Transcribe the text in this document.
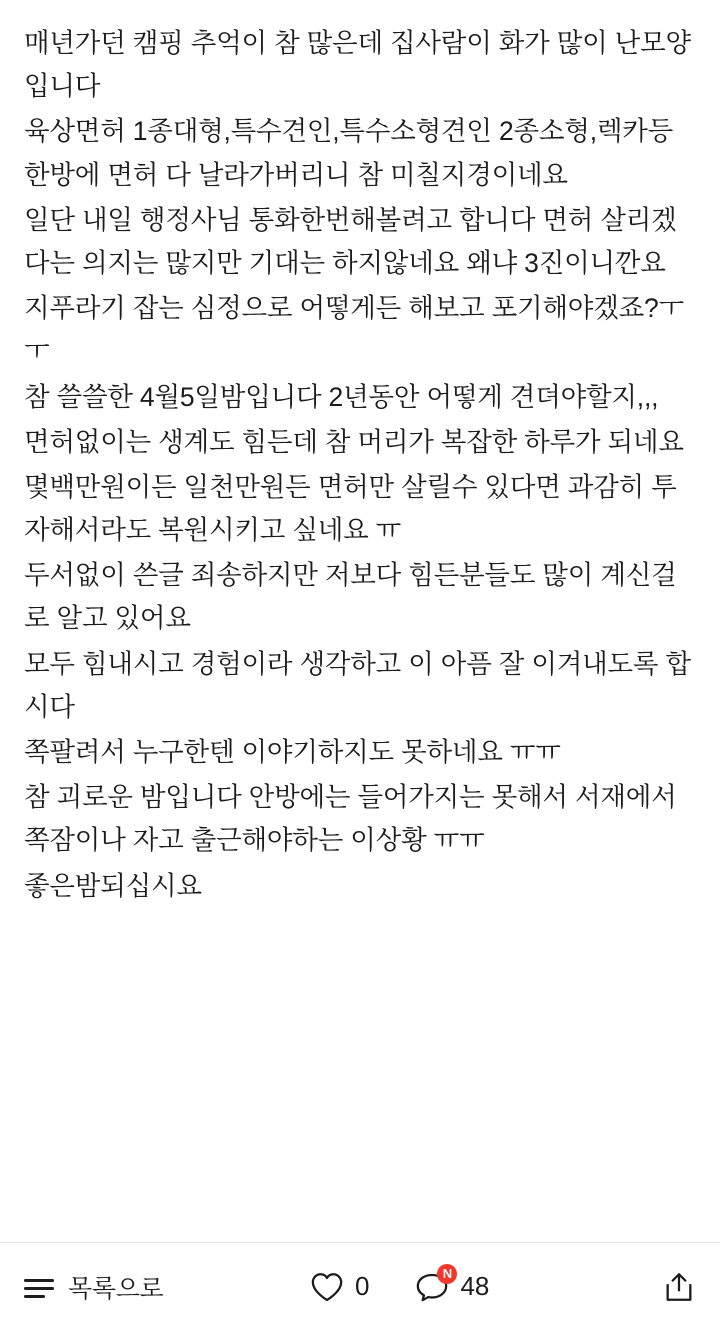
매년가던 캠핑 추억이 참 많은데 집사람이 화가 많이 난모양입니다

육상면허 1종대형,특수견인,특수소형견인 2종소형,렉카등 한방에 면허 다 날라가버리니 참 미칠지경이네요

일단 내일 행정사님 통화한번해볼려고 합니다 면허 살리겠다는 의지는 많지만 기대는 하지않네요 왜냐 3진이니깐요

지푸라기 잡는 심정으로 어떻게든 해보고 포기해야겠죠?ㅜㅜ

참 쓸쓸한 4월5일밤입니다 2년동안 어떻게 견뎌야할지,,,

면허없이는 생계도 힘든데 참 머리가 복잡한 하루가 되네요

몇백만원이든 일천만원든 면허만 살릴수 있다면 과감히 투자해서라도 복원시키고 싶네요 ㅠ

두서없이 쓴글 죄송하지만 저보다 힘든분들도 많이 계신걸로 알고 있어요

모두 힘내시고 경험이라 생각하고 이 아픔 잘 이겨내도록 합시다

쪽팔려서 누구한텐 이야기하지도 못하네요 ㅠㅠ

참 괴로운 밤입니다 안방에는 들어가지는 못해서 서재에서 쪽잠이나 자고 출근해야하는 이상황 ㅠㅠ

좋은밤되십시요

목록으로	0	N 48
